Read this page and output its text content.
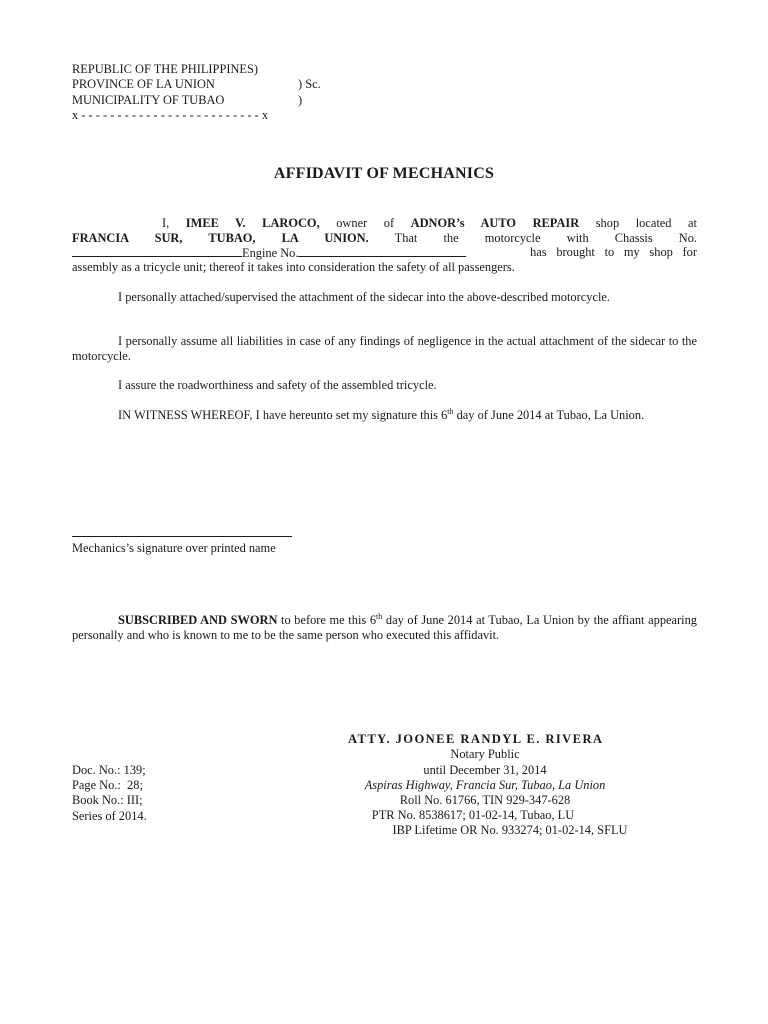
REPUBLIC OF THE PHILIPPINES)
PROVINCE OF LA UNION	) Sc.
MUNICIPALITY OF TUBAO	)
x - - - - - - - - - - - - - - - - - - - - - - - - - x
AFFIDAVIT OF MECHANICS
I, IMEE V. LAROCO, owner of ADNOR’s AUTO REPAIR shop located at
FRANCIA SUR, TUBAO, LA UNION. That the motorcycle with Chassis No.
Engine No.	has brought to my shop for
assembly as a tricycle unit; thereof it takes into consideration the safety of all passengers.
I personally attached/supervised the attachment of the sidecar into the above-described motorcycle.
I personally assume all liabilities in case of any findings of negligence in the actual attachment of the sidecar to the motorcycle.
I assure the roadworthiness and safety of the assembled tricycle.
IN WITNESS WHEREOF, I have hereunto set my signature this 6th day of June 2014 at Tubao, La Union.
Mechanics’s signature over printed name
SUBSCRIBED AND SWORN to before me this 6th day of June 2014 at Tubao, La Union by the affiant appearing personally and who is known to me to be the same person who executed this affidavit.
ATTY. JOONEE RANDYL E. RIVERA
Notary Public
until December 31, 2014
Aspiras Highway, Francia Sur, Tubao, La Union
Roll No. 61766, TIN 929-347-628
PTR No. 8538617; 01-02-14, Tubao, LU
IBP Lifetime OR No. 933274; 01-02-14, SFLU
Doc. No.: 139;
Page No.:  28;
Book No.: III;
Series of 2014.
